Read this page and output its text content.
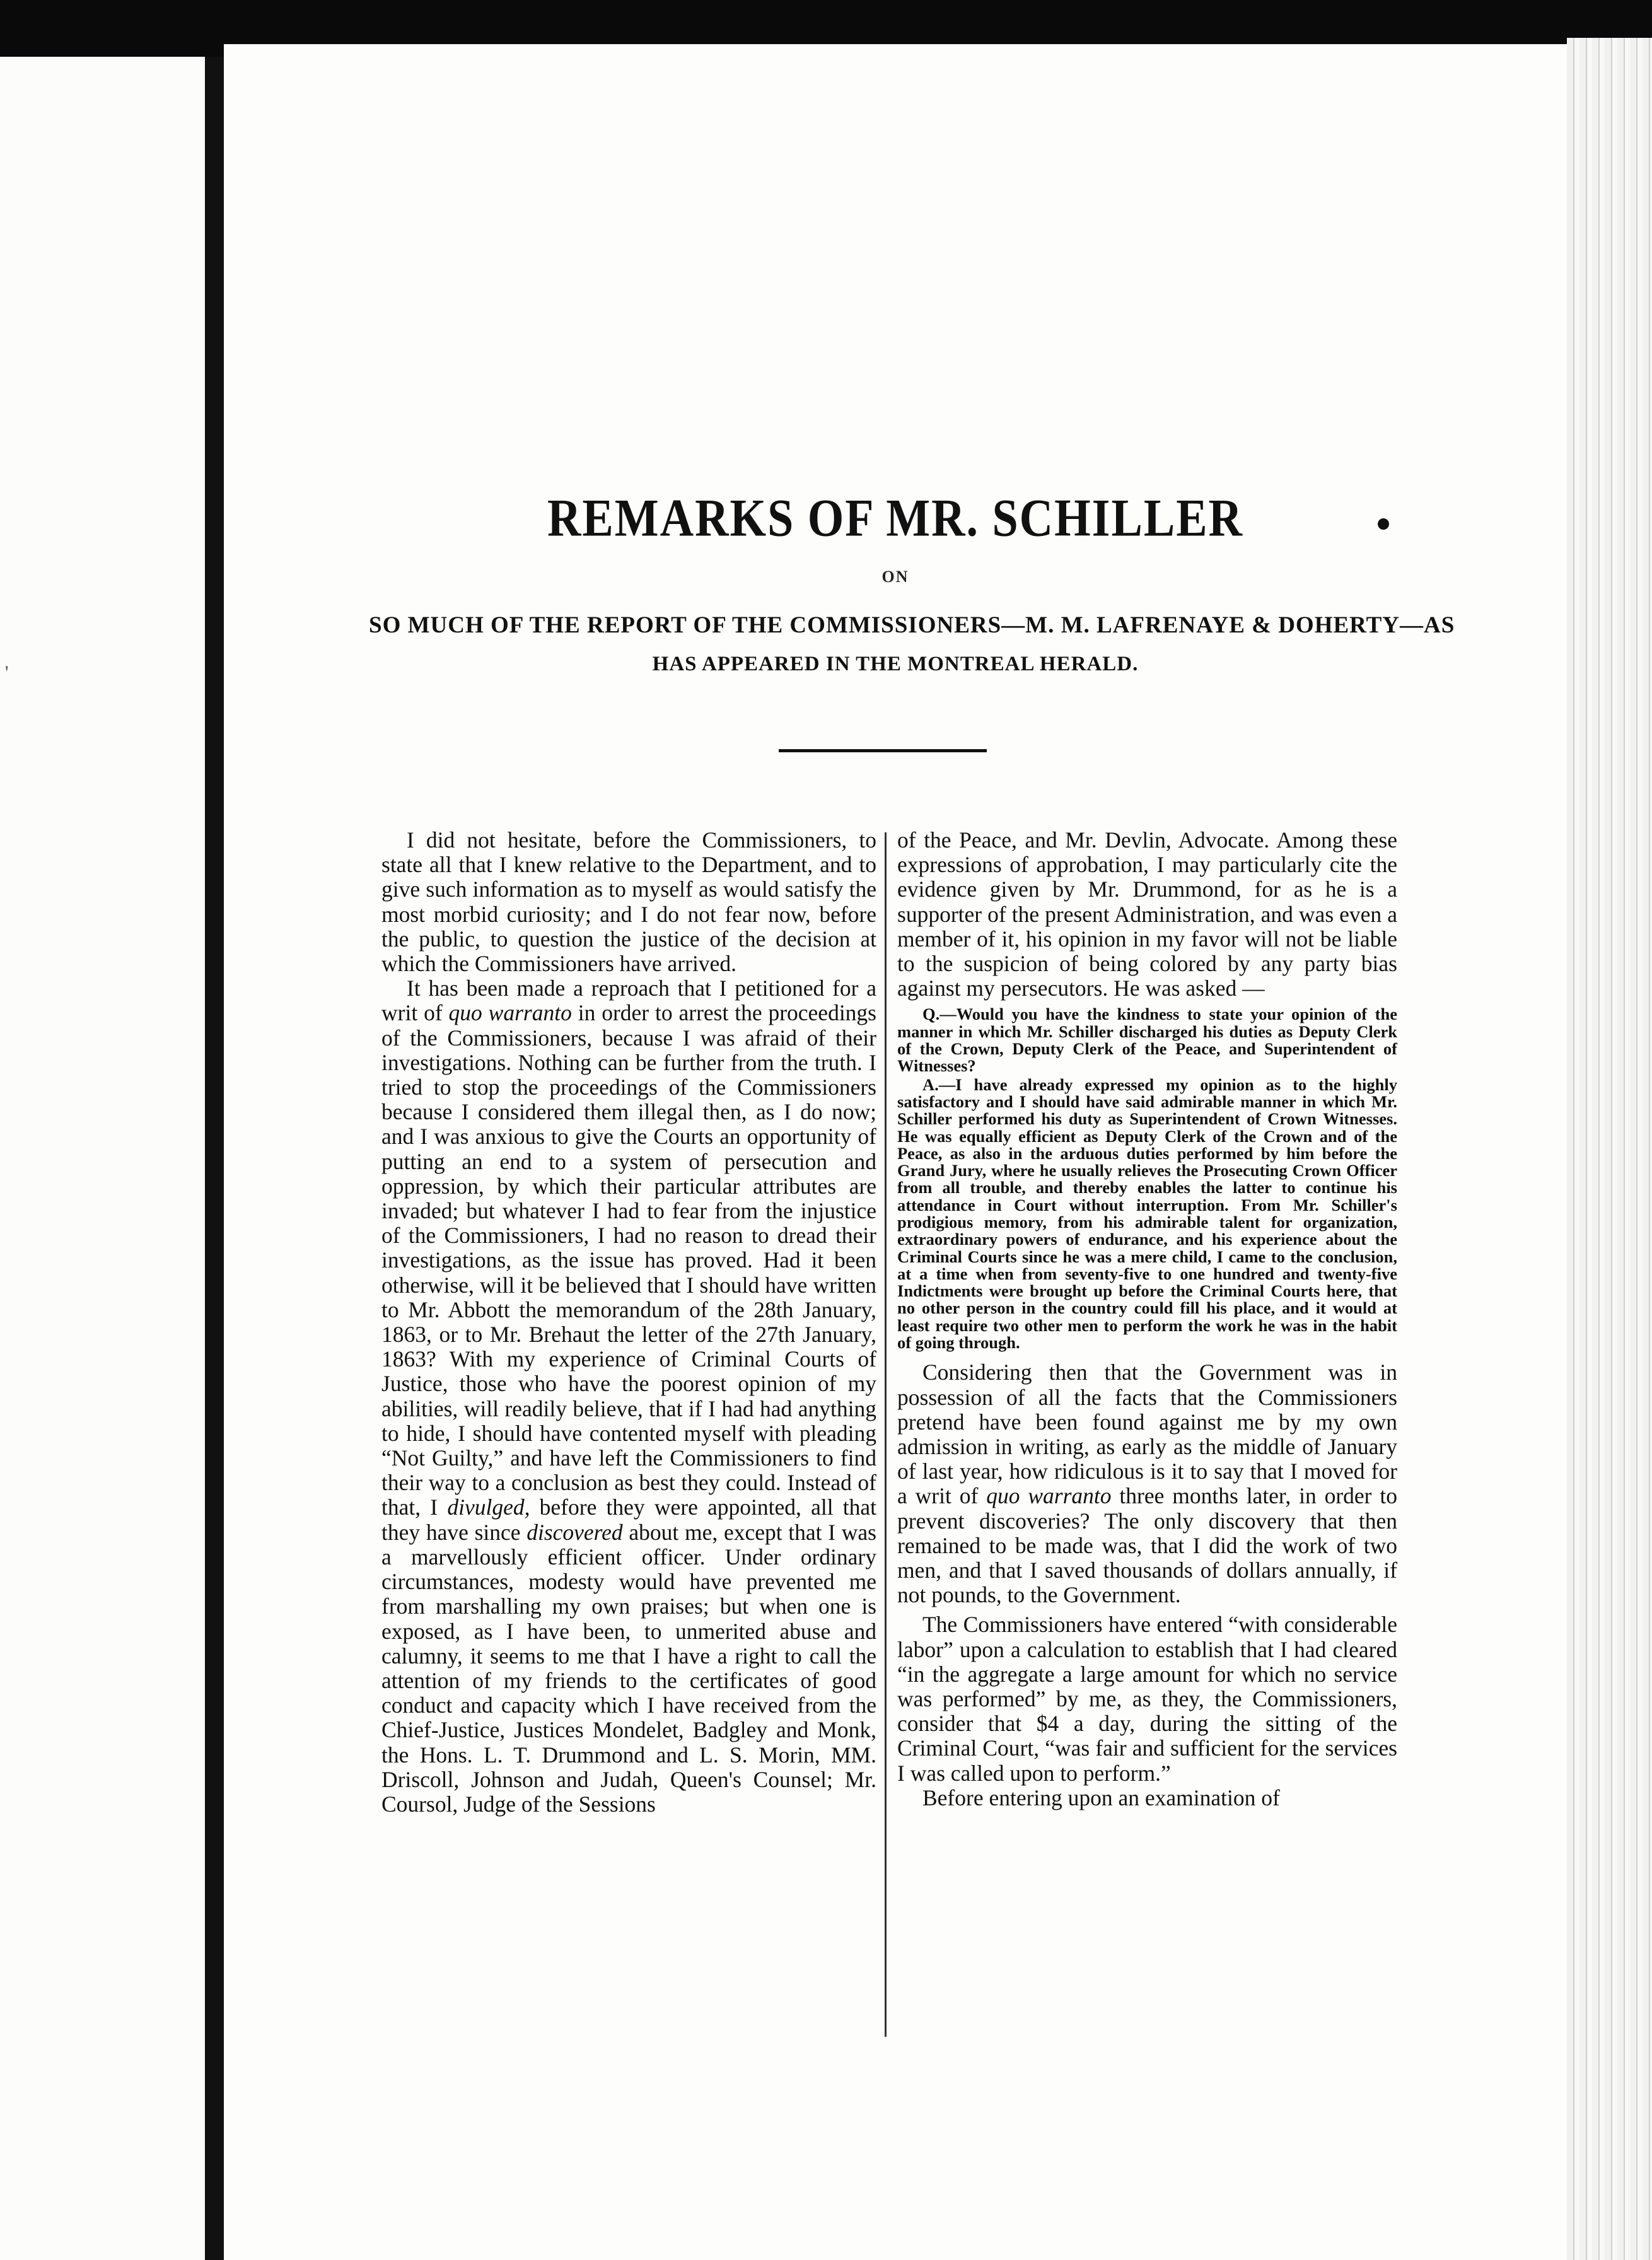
'
REMARKS OF MR. SCHILLER
ON
SO MUCH OF THE REPORT OF THE COMMISSIONERS—M. M. LAFRENAYE & DOHERTY—AS
HAS APPEARED IN THE MONTREAL HERALD.

I did not hesitate, before the Commissioners, to state all that I knew relative to the Department, and to give such information as to myself as would satisfy the most morbid curiosity; and I do not fear now, before the public, to question the justice of the decision at which the Commissioners have arrived.

It has been made a reproach that I petitioned for a writ of quo warranto in order to arrest the proceedings of the Commissioners, because I was afraid of their investigations. Nothing can be further from the truth. I tried to stop the proceedings of the Commissioners because I considered them illegal then, as I do now; and I was anxious to give the Courts an opportunity of putting an end to a system of persecution and oppression, by which their particular attributes are invaded; but whatever I had to fear from the injustice of the Commissioners, I had no reason to dread their investigations, as the issue has proved. Had it been otherwise, will it be believed that I should have written to Mr. Abbott the memorandum of the 28th January, 1863, or to Mr. Brehaut the letter of the 27th January, 1863? With my experience of Criminal Courts of Justice, those who have the poorest opinion of my abilities, will readily believe, that if I had had anything to hide, I should have contented myself with pleading “Not Guilty,” and have left the Commissioners to find their way to a conclusion as best they could. Instead of that, I divulged, before they were appointed, all that they have since discovered about me, except that I was a marvellously efficient officer. Under ordinary circumstances, modesty would have prevented me from marshalling my own praises; but when one is exposed, as I have been, to unmerited abuse and calumny, it seems to me that I have a right to call the attention of my friends to the certificates of good conduct and capacity which I have received from the Chief-Justice, Justices Mondelet, Badgley and Monk, the Hons. L. T. Drummond and L. S. Morin, MM. Driscoll, Johnson and Judah, Queen's Counsel; Mr. Coursol, Judge of the Sessions

of the Peace, and Mr. Devlin, Advocate. Among these expressions of approbation, I may particularly cite the evidence given by Mr. Drummond, for as he is a supporter of the present Administration, and was even a member of it, his opinion in my favor will not be liable to the suspicion of being colored by any party bias against my persecutors. He was asked —

Q.—Would you have the kindness to state your opinion of the manner in which Mr. Schiller discharged his duties as Deputy Clerk of the Crown, Deputy Clerk of the Peace, and Superintendent of Witnesses?

A.—I have already expressed my opinion as to the highly satisfactory and I should have said admirable manner in which Mr. Schiller performed his duty as Superintendent of Crown Witnesses. He was equally efficient as Deputy Clerk of the Crown and of the Peace, as also in the arduous duties performed by him before the Grand Jury, where he usually relieves the Prosecuting Crown Officer from all trouble, and thereby enables the latter to continue his attendance in Court without interruption. From Mr. Schiller's prodigious memory, from his admirable talent for organization, extraordinary powers of endurance, and his experience about the Criminal Courts since he was a mere child, I came to the conclusion, at a time when from seventy-five to one hundred and twenty-five Indictments were brought up before the Criminal Courts here, that no other person in the country could fill his place, and it would at least require two other men to perform the work he was in the habit of going through.

Considering then that the Government was in possession of all the facts that the Commissioners pretend have been found against me by my own admission in writing, as early as the middle of January of last year, how ridiculous is it to say that I moved for a writ of quo warranto three months later, in order to prevent discoveries? The only discovery that then remained to be made was, that I did the work of two men, and that I saved thousands of dollars annually, if not pounds, to the Government.

The Commissioners have entered “with considerable labor” upon a calculation to establish that I had cleared “in the aggregate a large amount for which no service was performed” by me, as they, the Commissioners, consider that $4 a day, during the sitting of the Criminal Court, “was fair and sufficient for the services I was called upon to perform.”

Before entering upon an examination of
